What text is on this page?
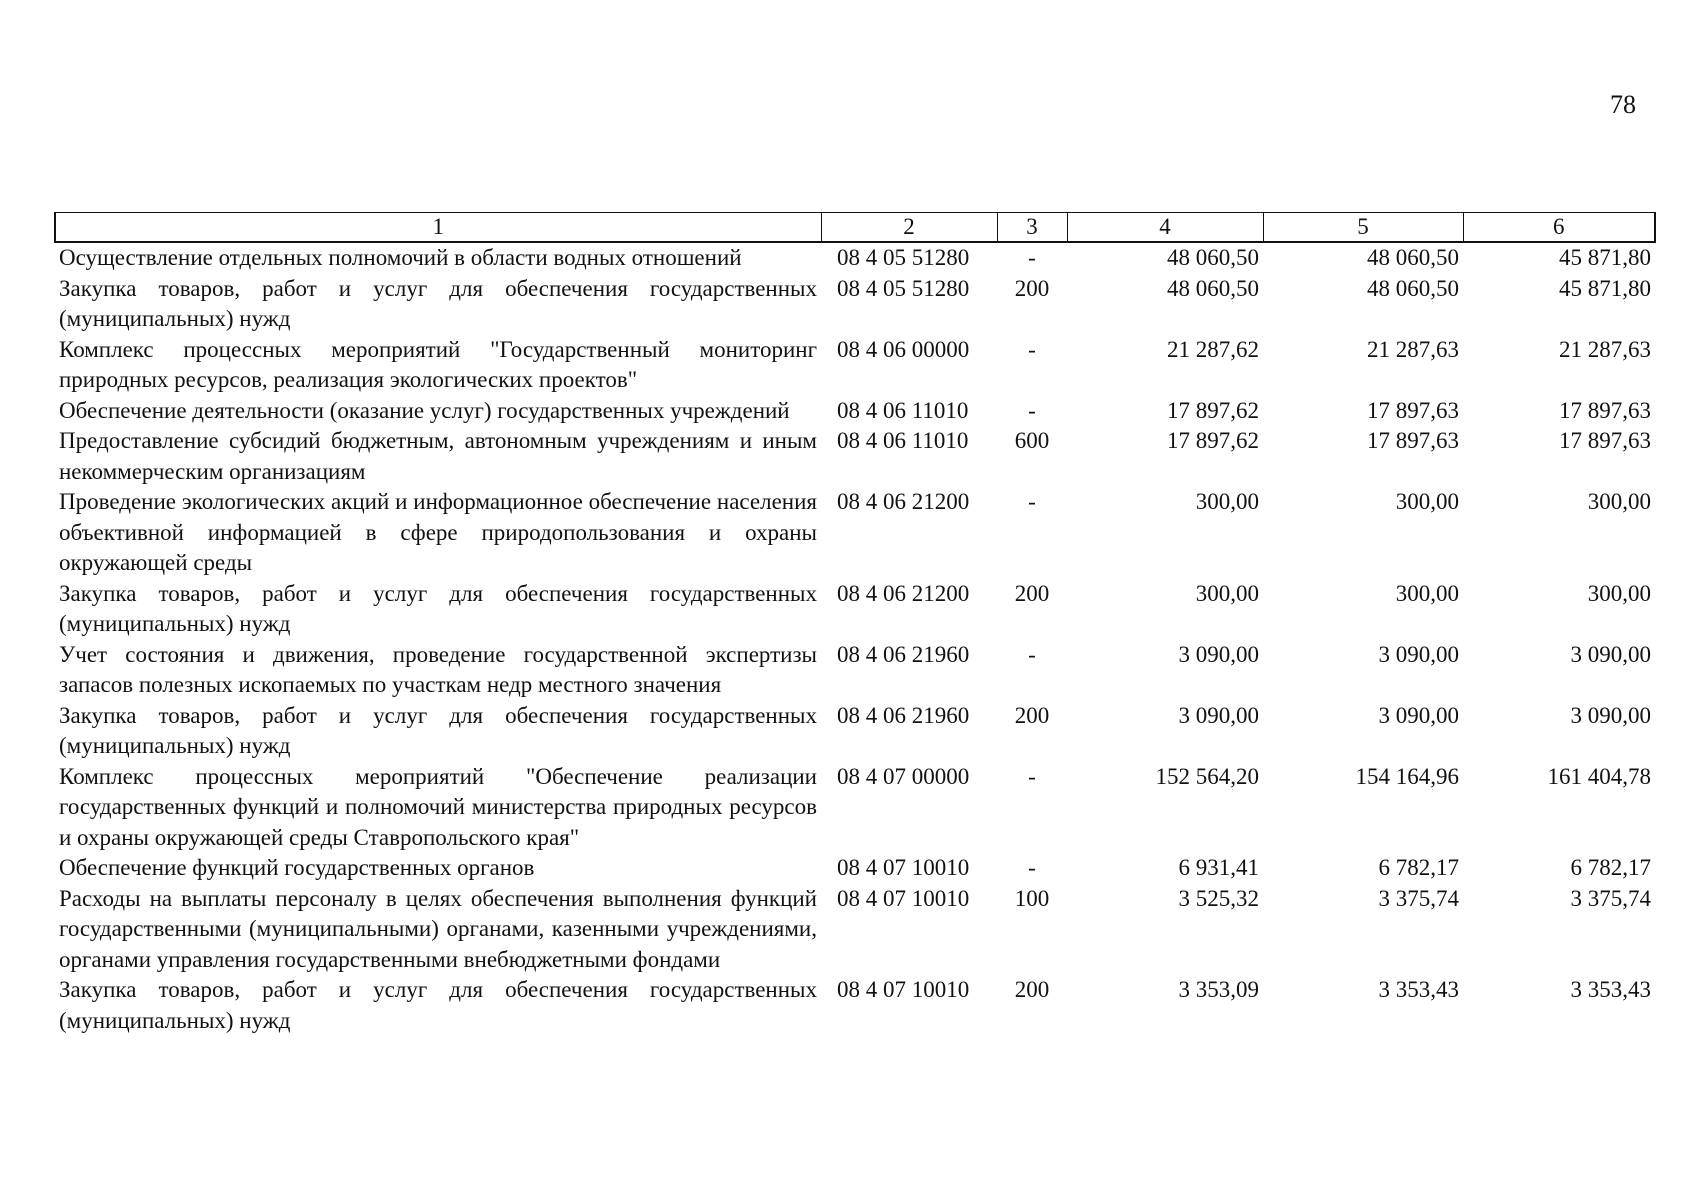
78
1	2	3	4	5	6
Осуществление отдельных полномочий в области водных отношений	08 4 05 51280	-	48 060,50	48 060,50	45 871,80
Закупка товаров, работ и услуг для обеспечения государственных (муниципальных) нужд	08 4 05 51280	200	48 060,50	48 060,50	45 871,80
Комплекс процессных мероприятий "Государственный мониторинг природных ресурсов, реализация экологических проектов"	08 4 06 00000	-	21 287,62	21 287,63	21 287,63
Обеспечение деятельности (оказание услуг) государственных учреждений	08 4 06 11010	-	17 897,62	17 897,63	17 897,63
Предоставление субсидий бюджетным, автономным учреждениям и иным некоммерческим организациям	08 4 06 11010	600	17 897,62	17 897,63	17 897,63
Проведение экологических акций и информационное обеспечение населения объективной информацией в сфере природопользования и охраны окружающей среды	08 4 06 21200	-	300,00	300,00	300,00
Закупка товаров, работ и услуг для обеспечения государственных (муниципальных) нужд	08 4 06 21200	200	300,00	300,00	300,00
Учет состояния и движения, проведение государственной экспертизы запасов полезных ископаемых по участкам недр местного значения	08 4 06 21960	-	3 090,00	3 090,00	3 090,00
Закупка товаров, работ и услуг для обеспечения государственных (муниципальных) нужд	08 4 06 21960	200	3 090,00	3 090,00	3 090,00
Комплекс процессных мероприятий "Обеспечение реализации государственных функций и полномочий министерства природных ресурсов и охраны окружающей среды Ставропольского края"	08 4 07 00000	-	152 564,20	154 164,96	161 404,78
Обеспечение функций государственных органов	08 4 07 10010	-	6 931,41	6 782,17	6 782,17
Расходы на выплаты персоналу в целях обеспечения выполнения функций государственными (муниципальными) органами, казенными учреждениями, органами управления государственными внебюджетными фондами	08 4 07 10010	100	3 525,32	3 375,74	3 375,74
Закупка товаров, работ и услуг для обеспечения государственных (муниципальных) нужд	08 4 07 10010	200	3 353,09	3 353,43	3 353,43
